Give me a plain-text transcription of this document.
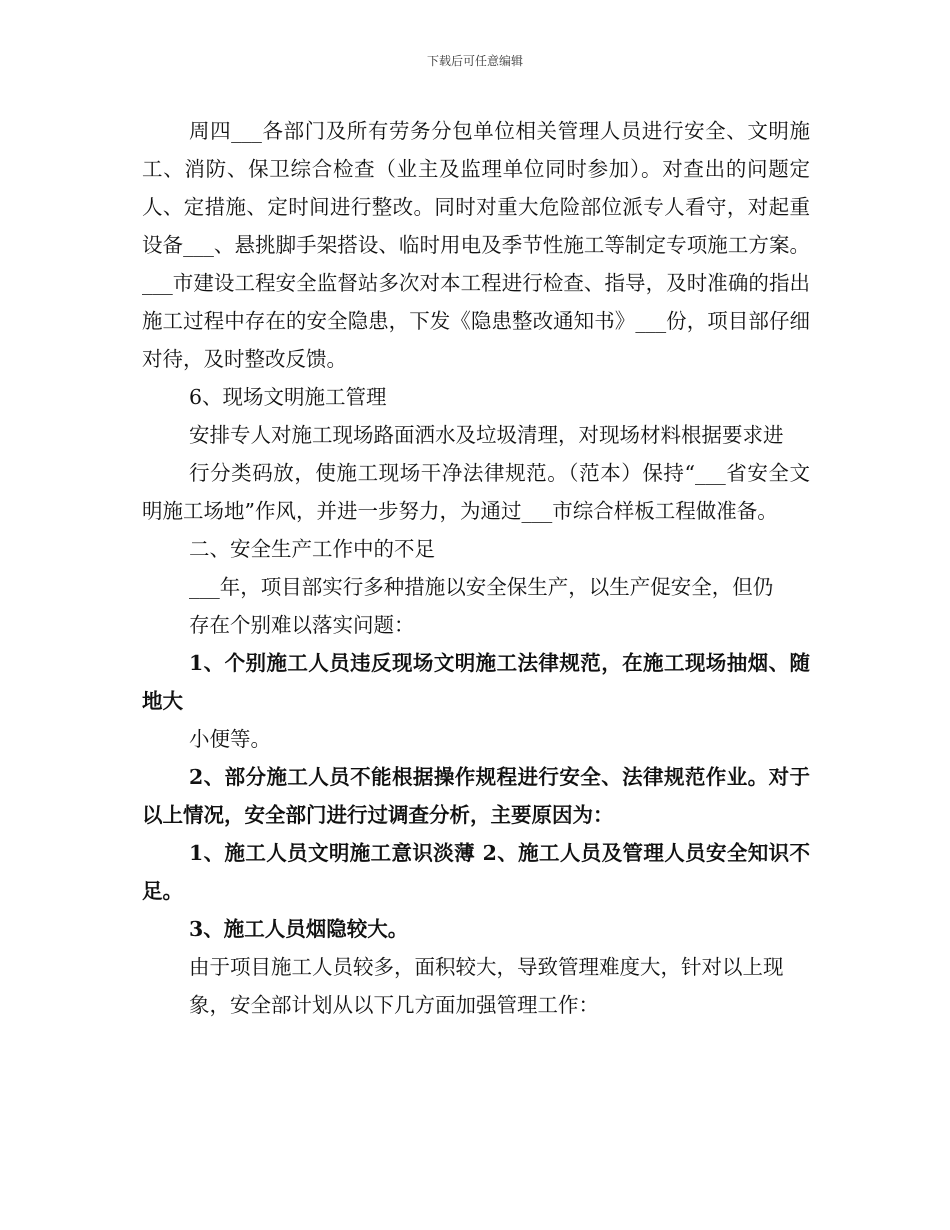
下载后可任意编辑

周四___各部门及所有劳务分包单位相关管理人员进行安全、文明施工、消防、保卫综合检查（业主及监理单位同时参加）。对查出的问题定人、定措施、定时间进行整改。同时对重大危险部位派专人看守，对起重设备___、悬挑脚手架搭设、临时用电及季节性施工等制定专项施工方案。___市建设工程安全监督站多次对本工程进行检查、指导，及时准确的指出施工过程中存在的安全隐患，下发《隐患整改通知书》___份，项目部仔细对待，及时整改反馈。

6、现场文明施工管理

安排专人对施工现场路面洒水及垃圾清理，对现场材料根据要求进

行分类码放，使施工现场干净法律规范。（范本）保持“___省安全文明施工场地”作风，并进一步努力，为通过___市综合样板工程做准备。

二、安全生产工作中的不足

___年，项目部实行多种措施以安全保生产，以生产促安全，但仍

存在个别难以落实问题：

1、个别施工人员违反现场文明施工法律规范，在施工现场抽烟、随地大

小便等。

2、部分施工人员不能根据操作规程进行安全、法律规范作业。对于以上情况，安全部门进行过调查分析，主要原因为：

1、施工人员文明施工意识淡薄 2、施工人员及管理人员安全知识不足。

3、施工人员烟隐较大。

由于项目施工人员较多，面积较大，导致管理难度大，针对以上现

象，安全部计划从以下几方面加强管理工作：
